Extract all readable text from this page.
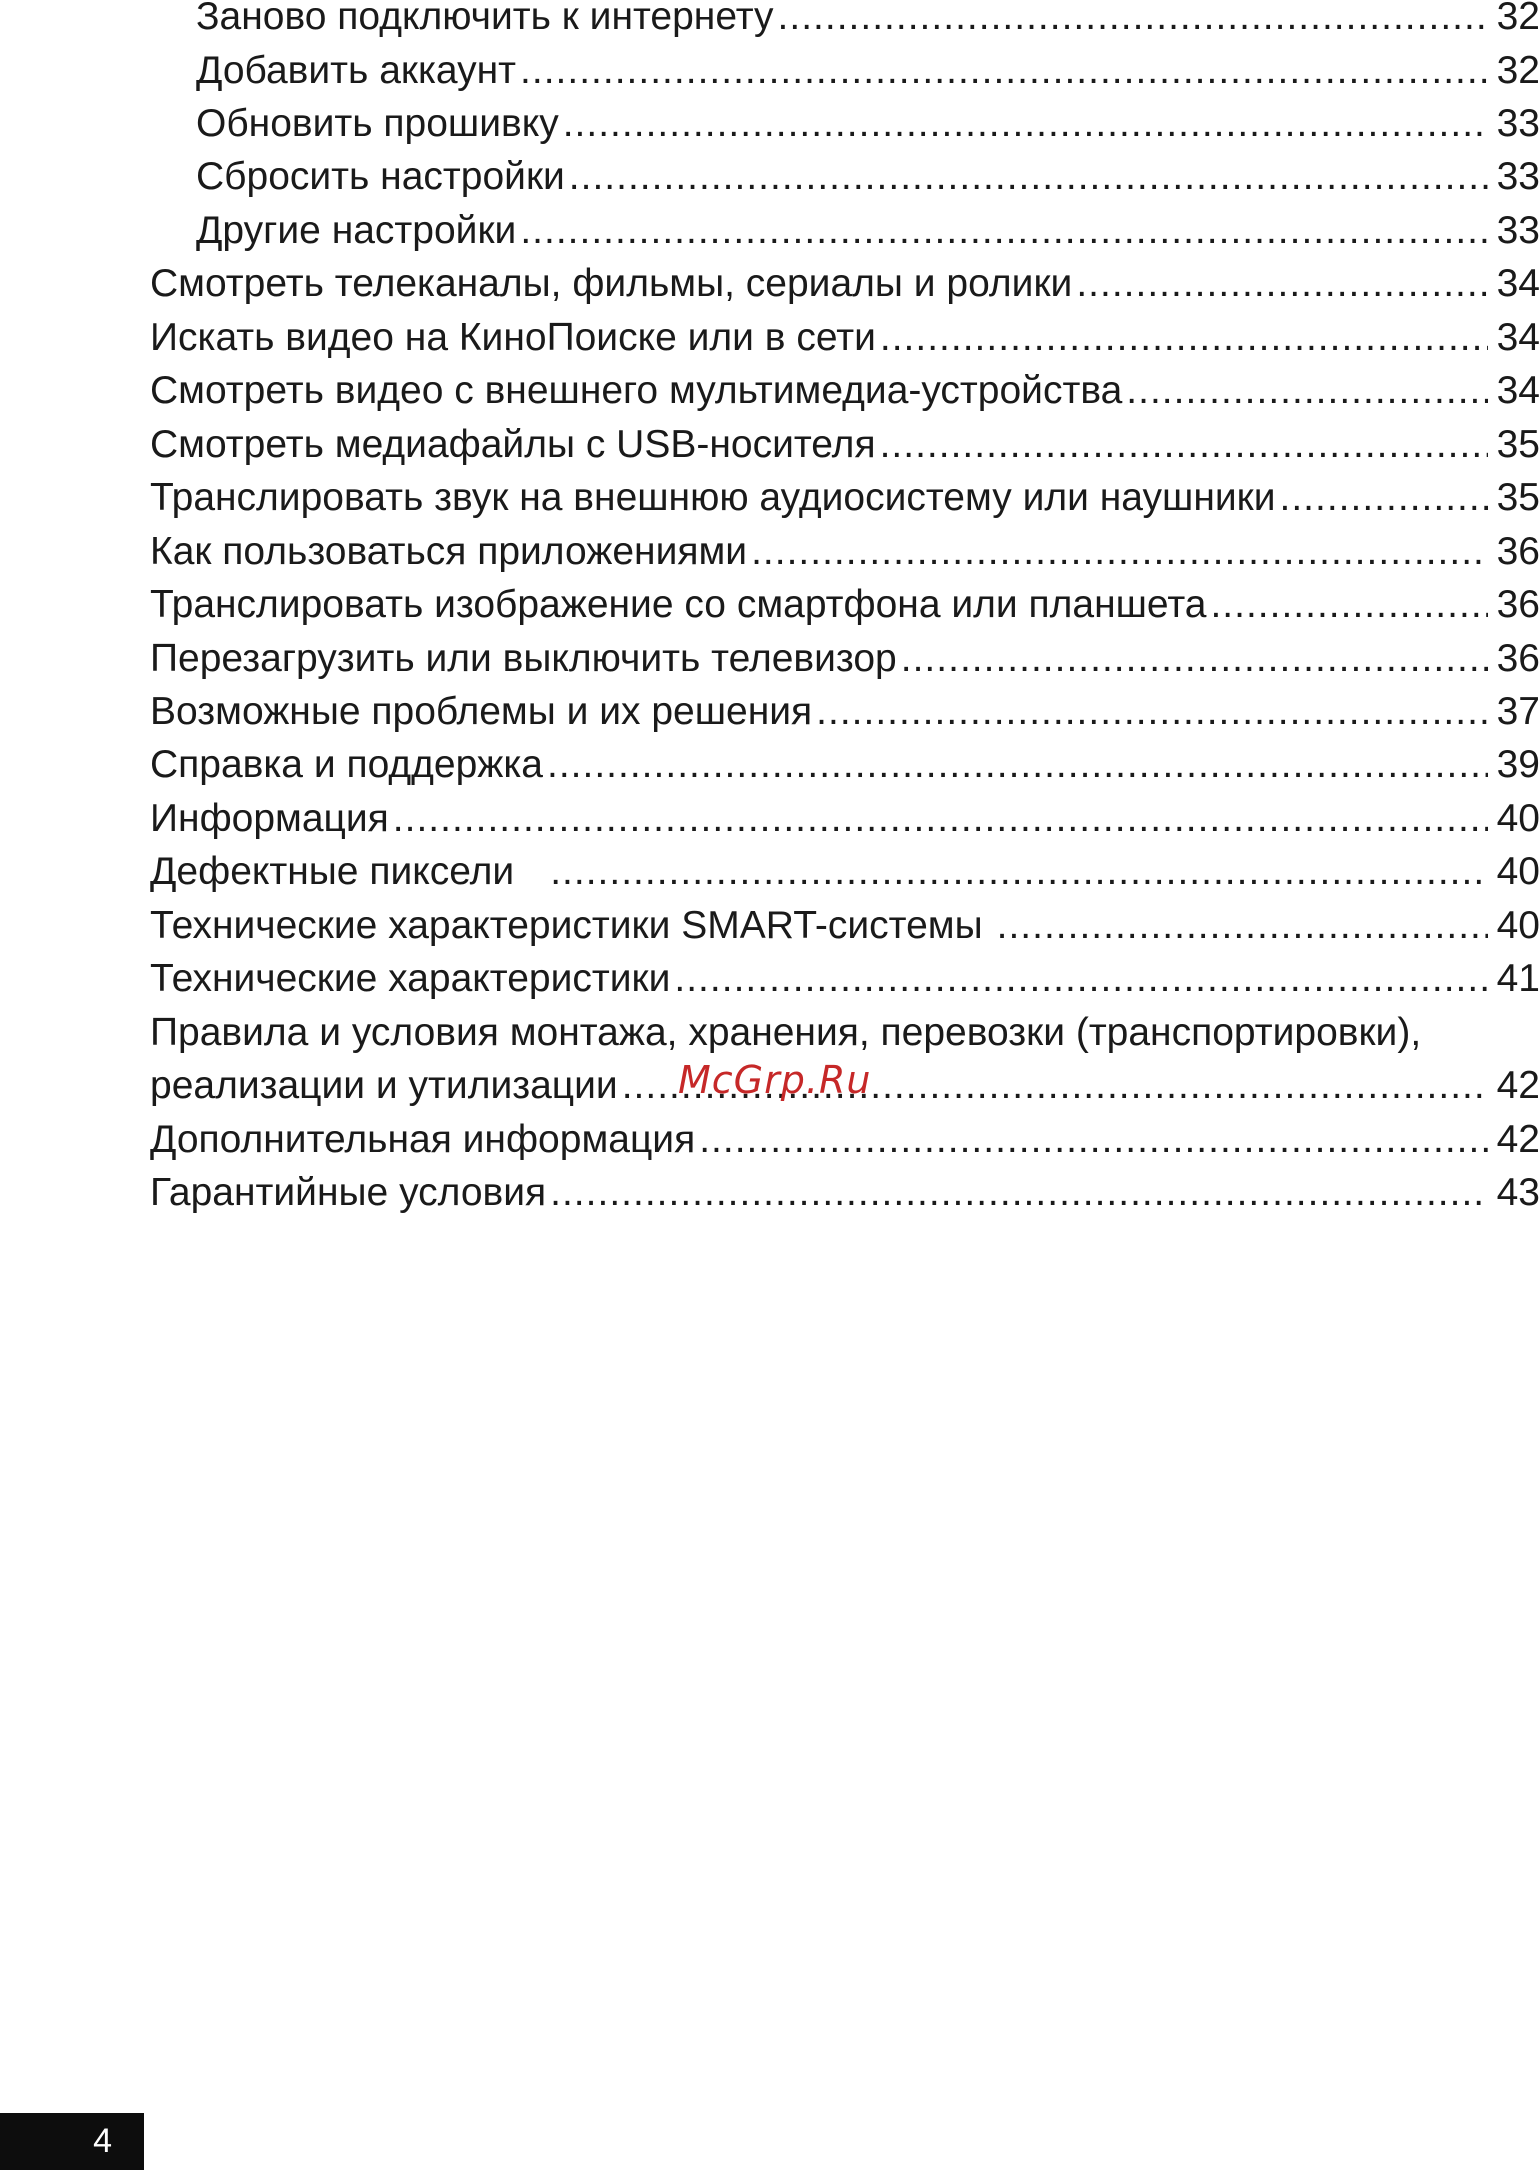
Заново подключить к интернету .....	32
Добавить аккаунт .....	32
Обновить прошивку .....	33
Сбросить настройки .....	33
Другие настройки .....	33
Смотреть телеканалы, фильмы, сериалы и ролики .....	34
Искать видео на КиноПоиске или в сети .....	34
Смотреть видео с внешнего мультимедиа-устройства .....	34
Смотреть медиафайлы с USB-носителя .....	35
Транслировать звук на внешнюю аудиосистему или наушники .....	35
Как пользоваться приложениями .....	36
Транслировать изображение со смартфона или планшета .....	36
Перезагрузить или выключить телевизор .....	36
Возможные проблемы и их решения .....	37
Справка и поддержка .....	39
Информация .....	40
Дефектные пиксели .....	40
Технические характеристики SMART-системы .....	40
Технические характеристики .....	41
Правила и условия монтажа, хранения, перевозки (транспортировки),
реализации и утилизации .....	42
Дополнительная информация .....	42
Гарантийные условия .....	43
McGrp.Ru
4
